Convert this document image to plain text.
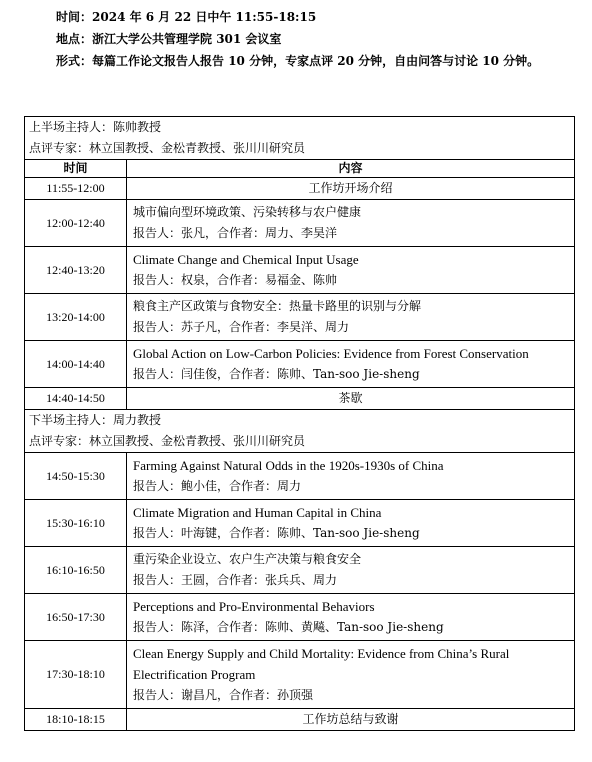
时间：2024 年 6 月 22 日中午 11:55-18:15

地点：浙江大学公共管理学院 301 会议室

形式：每篇工作论文报告人报告 10 分钟，专家点评 20 分钟，自由问答与讨论 10 分钟。

上半场主持人：陈帅教授
点评专家：林立国教授、金松青教授、张川川研究员	

时间	内容
11:55-12:00	工作坊开场介绍
12:00-12:40	城市偏向型环境政策、污染转移与农户健康
报告人：张凡，合作者：周力、李昊洋

12:40-13:20	Climate Change and Chemical Input Usage
报告人：权泉，合作者：易福金、陈帅

13:20-14:00	粮食主产区政策与食物安全：热量卡路里的识别与分解
报告人：苏子凡，合作者：李昊洋、周力

14:00-14:40	Global Action on Low-Carbon Policies: Evidence from Forest Conservation
报告人：闫佳俊，合作者：陈帅、Tan-soo Jie-sheng

14:40-14:50	茶歇

下半场主持人：周力教授
点评专家：林立国教授、金松青教授、张川川研究员	

14:50-15:30	Farming Against Natural Odds in the 1920s-1930s of China
报告人：鲍小佳，合作者：周力

15:30-16:10	Climate Migration and Human Capital in China
报告人：叶海键，合作者：陈帅、Tan-soo Jie-sheng

16:10-16:50	重污染企业设立、农户生产决策与粮食安全
报告人：王圆，合作者：张兵兵、周力

16:50-17:30	Perceptions and Pro-Environmental Behaviors
报告人：陈泽，合作者：陈帅、黄飚、Tan-soo Jie-sheng

17:30-18:10	Clean Energy Supply and Child Mortality: Evidence from China’s Rural Electrification Program
报告人：谢昌凡，合作者：孙顶强

18:10-18:15	工作坊总结与致谢
